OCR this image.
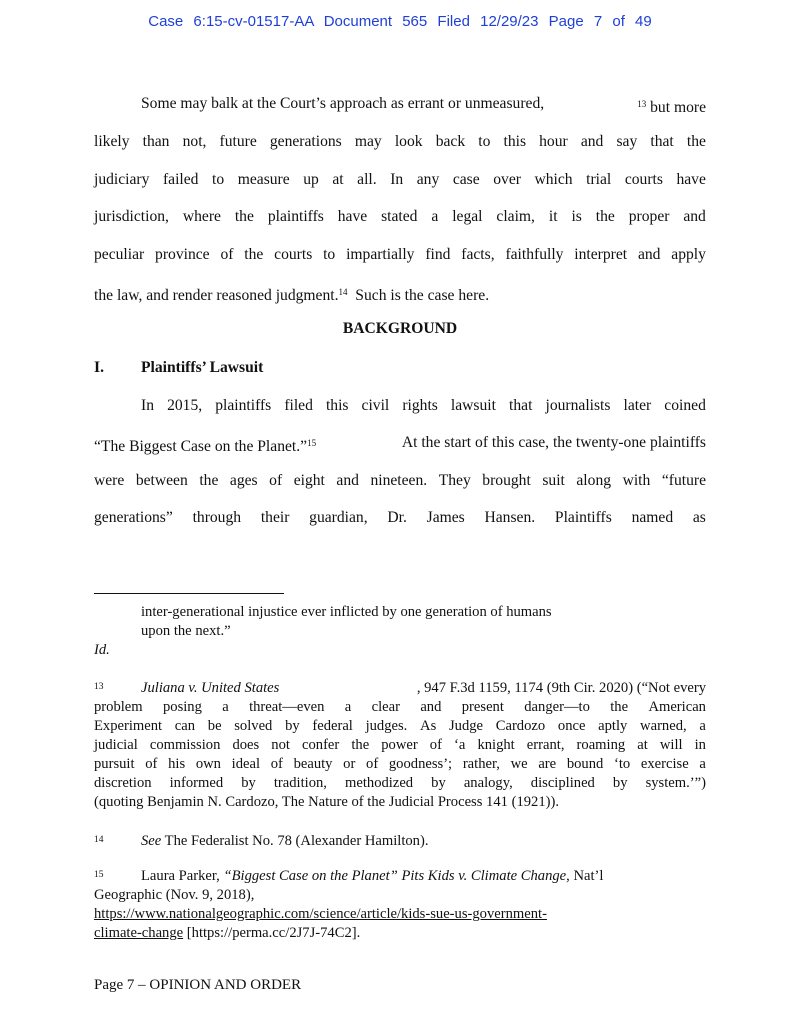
Case 6:15-cv-01517-AA Document 565 Filed 12/29/23 Page 7 of 49
Some may balk at the Court’s approach as errant or unmeasured,	$^{13}$ but more
likely than not, future generations may look back to this hour and say that the
judiciary failed to measure up at all. In any case over which trial courts have
jurisdiction, where the plaintiffs have stated a legal claim, it is the proper and
peculiar province of the courts to impartially find facts, faithfully interpret and apply
the law, and render reasoned judgment.$^{14}$  Such is the case here.
BACKGROUND
I. Plaintiffs’ Lawsuit
In 2015, plaintiffs filed this civil rights lawsuit that journalists later coined
“The Biggest Case on the Planet.”$^{15}$	At the start of this case, the twenty-one plaintiffs
were between the ages of eight and nineteen. They brought suit along with “future
generations” through their guardian, Dr. James Hansen. Plaintiffs named as
inter-generational injustice ever inflicted by one generation of humans
upon the next.”
Id.
13	Juliana v. United States	, 947 F.3d 1159, 1174 (9th Cir. 2020) (“Not every
problem posing a threat—even a clear and present danger—to the American
Experiment can be solved by federal judges. As Judge Cardozo once aptly warned, a
judicial commission does not confer the power of ‘a knight errant, roaming at will in
pursuit of his own ideal of beauty or of goodness’; rather, we are bound ‘to exercise a
discretion informed by tradition, methodized by analogy, disciplined by system.’”)
(quoting Benjamin N. Cardozo, The Nature of the Judicial Process 141 (1921)).
14	See The Federalist No. 78 (Alexander Hamilton).
15	Laura Parker, “Biggest Case on the Planet” Pits Kids v. Climate Change, Nat’l
Geographic (Nov. 9, 2018),
https://www.nationalgeographic.com/science/article/kids-sue-us-government-
climate-change [https://perma.cc/2J7J-74C2].
Page 7 – OPINION AND ORDER
